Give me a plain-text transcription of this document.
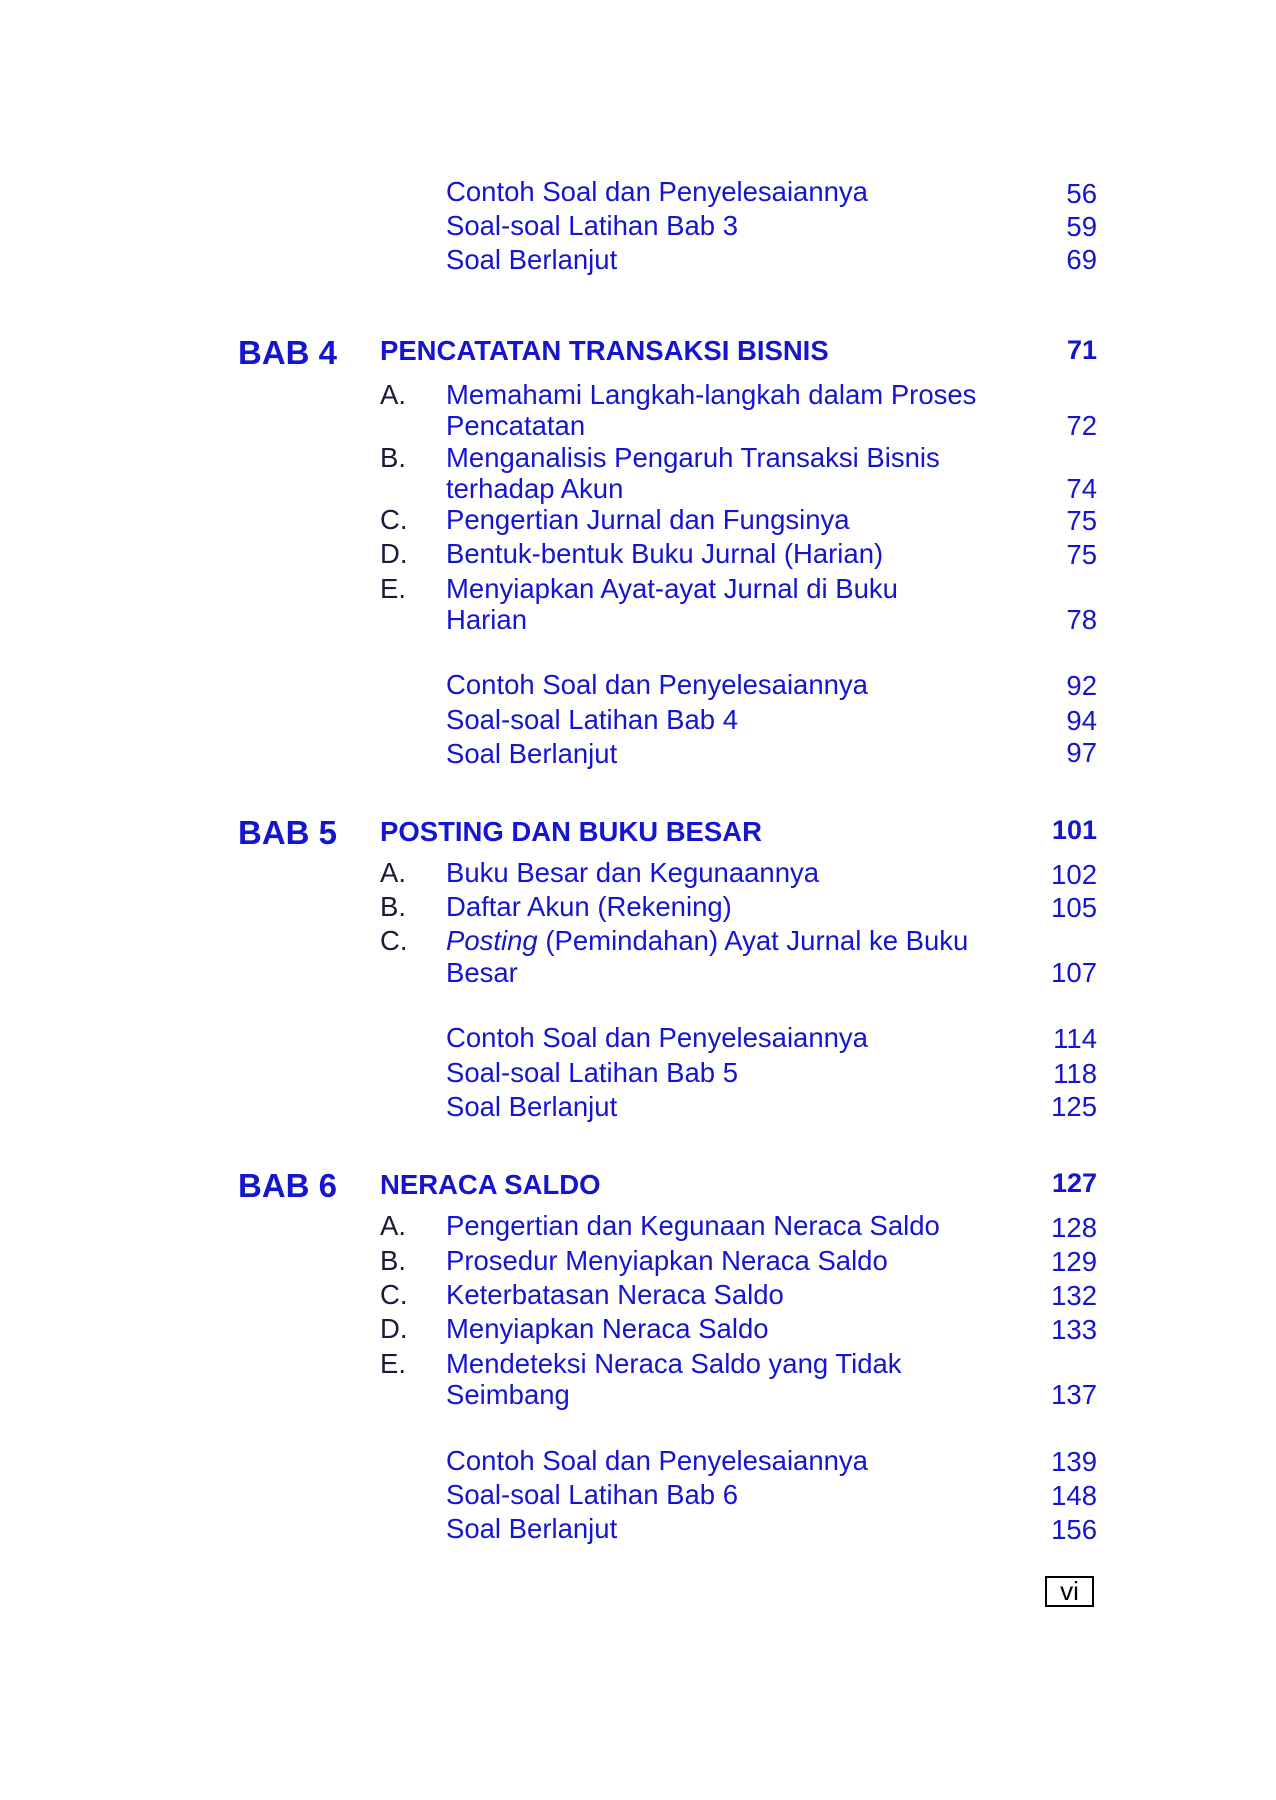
Contoh Soal dan Penyelesaiannya	56
Soal-soal Latihan Bab 3	59
Soal Berlanjut	69
BAB 4 PENCATATAN TRANSAKSI BISNIS	71
A. Memahami Langkah-langkah dalam Proses
Pencatatan	72
B. Menganalisis Pengaruh Transaksi Bisnis
terhadap Akun	74
C. Pengertian Jurnal dan Fungsinya	75
D. Bentuk-bentuk Buku Jurnal (Harian)	75
E. Menyiapkan Ayat-ayat Jurnal di Buku
Harian	78
Contoh Soal dan Penyelesaiannya	92
Soal-soal Latihan Bab 4	94
Soal Berlanjut	97
BAB 5 POSTING DAN BUKU BESAR	101
A. Buku Besar dan Kegunaannya	102
B. Daftar Akun (Rekening)	105
C. Posting (Pemindahan) Ayat Jurnal ke Buku
Besar	107
Contoh Soal dan Penyelesaiannya	114
Soal-soal Latihan Bab 5	118
Soal Berlanjut	125
BAB 6 NERACA SALDO	127
A. Pengertian dan Kegunaan Neraca Saldo	128
B. Prosedur Menyiapkan Neraca Saldo	129
C. Keterbatasan Neraca Saldo	132
D. Menyiapkan Neraca Saldo	133
E. Mendeteksi Neraca Saldo yang Tidak
Seimbang	137
Contoh Soal dan Penyelesaiannya	139
Soal-soal Latihan Bab 6	148
Soal Berlanjut	156
vi
